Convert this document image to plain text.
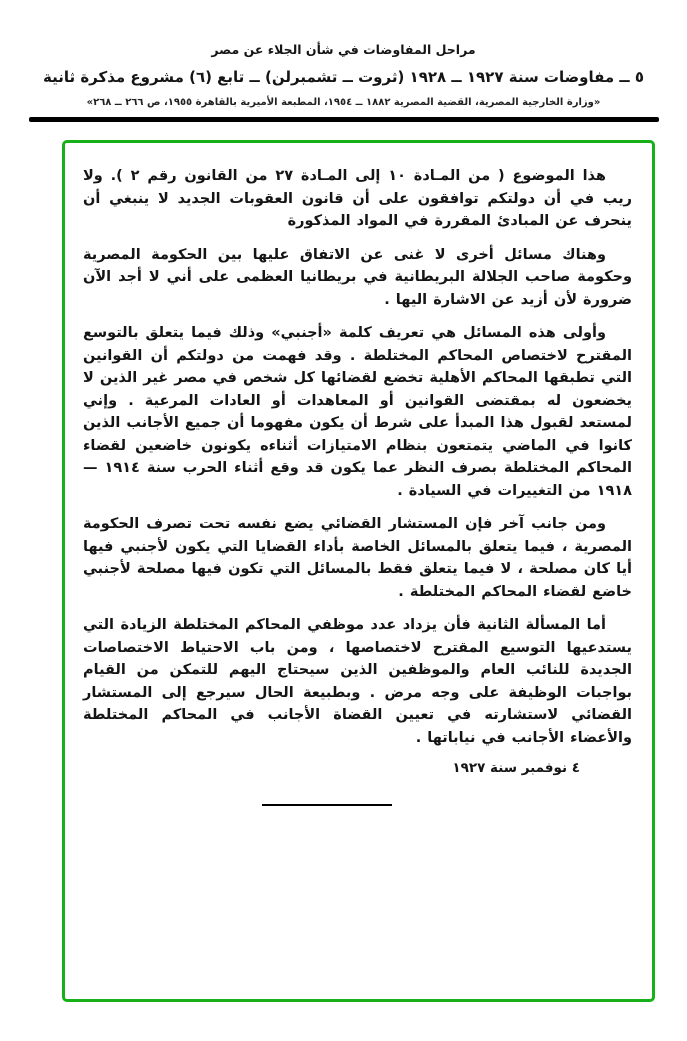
مراحل المفاوضات في شأن الجلاء عن مصر
٥ ــ مفاوضات سنة ١٩٢٧ ــ ١٩٢٨ (ثروت ــ تشمبرلن) ــ تابع (٦) مشروع مذكرة ثانية
«وزارة الخارجية المصرية، القضية المصرية ١٨٨٢ ــ ١٩٥٤، المطبعة الأميرية بالقاهرة ١٩٥٥، ص ٢٦٦ ــ ٢٦٨»

هذا الموضوع ( من المـادة ١٠ إلى المـادة ٢٧ من القانون رقم ٢ ). ولا ريب في أن دولتكم توافقون على أن قانون العقوبات الجديد لا ينبغي أن ينحرف عن المبادئ المقررة في المواد المذكورة

وهناك مسائل أخرى لا غنى عن الاتفاق عليها بين الحكومة المصرية وحكومة صاحب الجلالة البريطانية في بريطانيا العظمى على أني لا أجد الآن ضرورة لأن أزيد عن الاشارة اليها .

وأولى هذه المسائل هي تعريف كلمة «أجنبي» وذلك فيما يتعلق بالتوسع المقترح لاختصاص المحاكم المختلطة . وقد فهمت من دولتكم أن القوانين التي تطبقها المحاكم الأهلية تخضع لقضائها كل شخص في مصر غير الذين لا يخضعون له بمقتضى القوانين أو المعاهدات أو العادات المرعية . وإني لمستعد لقبول هذا المبدأ على شرط أن يكون مفهوما أن جميع الأجانب الذين كانوا في الماضي يتمتعون بنظام الامتيازات أثناءه يكونون خاضعين لقضاء المحاكم المختلطة بصرف النظر عما يكون قد وقع أثناء الحرب سنة ١٩١٤ — ١٩١٨ من التغييرات في السيادة .

ومن جانب آخر فإن المستشار القضائي يضع نفسه تحت تصرف الحكومة المصرية ، فيما يتعلق بالمسائل الخاصة بأداء القضايا التي يكون لأجنبي فيها أيا كان مصلحة ، لا فيما يتعلق فقط بالمسائل التي تكون فيها مصلحة لأجنبي خاضع لقضاء المحاكم المختلطة .

أما المسألة الثانية فأن يزداد عدد موظفي المحاكم المختلطة الزيادة التي يستدعيها التوسيع المقترح لاختصاصها ، ومن باب الاحتياط الاختصاصات الجديدة للنائب العام والموظفين الذين سيحتاج اليهم للتمكن من القيام بواجبات الوظيفة على وجه مرض . وبطبيعة الحال سيرجع إلى المستشار القضائي لاستشارته في تعيين القضاة الأجانب في المحاكم المختلطة والأعضاء الأجانب في نياباتها .

٤ نوفمبر سنة ١٩٢٧
